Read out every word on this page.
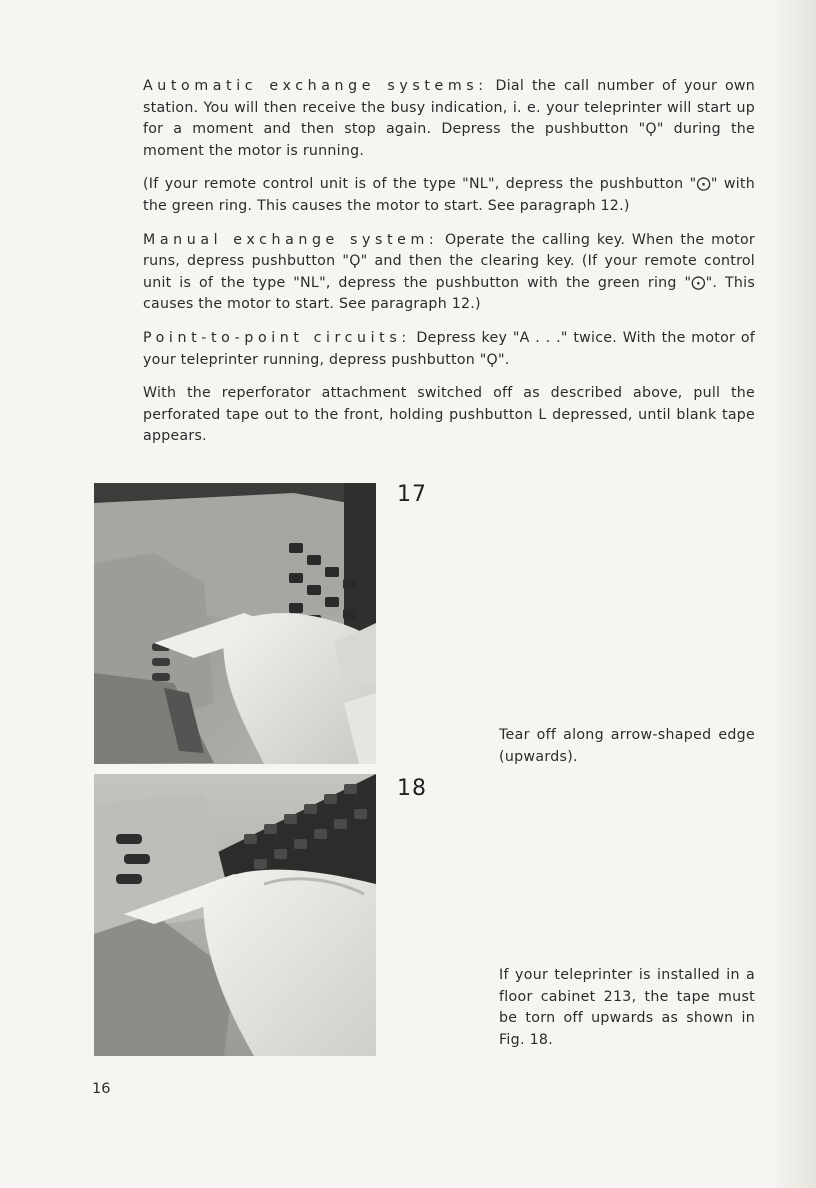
Automatic exchange systems: Dial the call number of your own station. You will then receive the busy indication, i. e. your teleprinter will start up for a moment and then stop again. Depress the pushbutton "Ϙ" during the moment the motor is running.

(If your remote control unit is of the type "NL", depress the pushbutton "⨀" with the green ring. This causes the motor to start. See paragraph 12.)

Manual exchange system: Operate the calling key. When the motor runs, depress pushbutton "Ϙ" and then the clearing key. (If your remote control unit is of the type "NL", depress the pushbutton with the green ring "⨀". This causes the motor to start. See paragraph 12.)

Point-to-point circuits: Depress key "A . . ." twice. With the motor of your teleprinter running, depress pushbutton "Ϙ".

With the reperforator attachment switched off as described above, pull the perforated tape out to the front, holding pushbutton L depressed, until blank tape appears.

17
Tear off along arrow-shaped edge (upwards).
18
If your teleprinter is installed in a floor cabinet 213, the tape must be torn off upwards as shown in Fig. 18.
16
